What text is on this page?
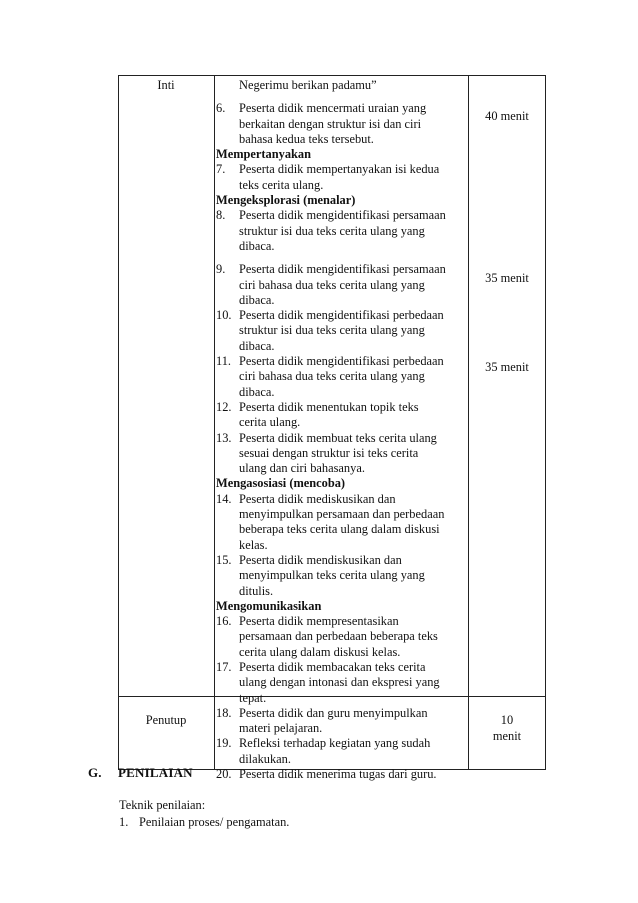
Inti
Penutup
40 menit
35 menit
35 menit
10
menit
Negerimu berikan padamu”
6. Peserta didik mencermati uraian yang
berkaitan dengan struktur isi dan ciri
bahasa kedua teks tersebut.
Mempertanyakan
7. Peserta didik mempertanyakan isi kedua
teks cerita ulang.
Mengeksplorasi (menalar)
8. Peserta didik mengidentifikasi persamaan
struktur isi dua teks cerita ulang yang
dibaca.
9. Peserta didik mengidentifikasi persamaan
ciri bahasa dua teks cerita ulang yang
dibaca.
10. Peserta didik mengidentifikasi perbedaan
struktur isi dua teks cerita ulang yang
dibaca.
11. Peserta didik mengidentifikasi perbedaan
ciri bahasa dua teks cerita ulang yang
dibaca.
12. Peserta didik menentukan topik teks
cerita ulang.
13. Peserta didik membuat teks cerita ulang
sesuai dengan struktur isi teks cerita
ulang dan ciri bahasanya.
Mengasosiasi (mencoba)
14. Peserta didik mediskusikan dan
menyimpulkan persamaan dan perbedaan
beberapa teks cerita ulang dalam diskusi
kelas.
15. Peserta didik mendiskusikan dan
menyimpulkan teks cerita ulang yang
ditulis.
Mengomunikasikan
16. Peserta didik mempresentasikan
persamaan dan perbedaan beberapa teks
cerita ulang dalam diskusi kelas.
17. Peserta didik membacakan teks cerita
ulang dengan intonasi dan ekspresi yang
tepat.
18. Peserta didik dan guru menyimpulkan
materi pelajaran.
19. Refleksi terhadap kegiatan yang sudah
dilakukan.
20. Peserta didik menerima tugas dari guru.
G. PENILAIAN
Teknik penilaian:
1. Penilaian proses/ pengamatan.
